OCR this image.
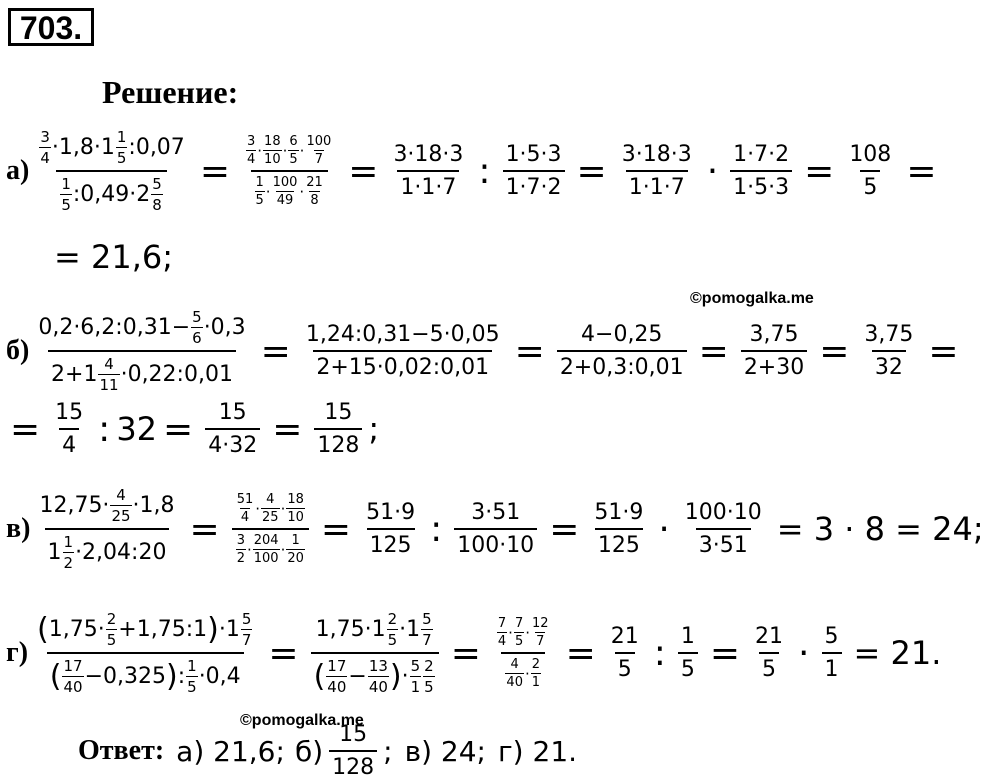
703.
Решение:
$а) \frac{\frac{3}{4} \cdot 1,8\cdot 1 \frac{1}{5} :0,07}{\frac{1}{5} :0,49\cdot 2 \frac{5}{8}} = \frac{\frac{3}{4} \cdot \frac{18}{10} \cdot \frac{6}{5} \cdot \frac{100}{7}}{\frac{1}{5} \cdot \frac{100}{49} \cdot \frac{21}{8}} = \frac{3\cdot 18\cdot 3}{1\cdot 1\cdot 7}$ : $\frac{1\cdot 5\cdot 3}{1\cdot 7\cdot 2} = \frac{3\cdot 18\cdot 3}{1\cdot 1\cdot 7} \cdot \frac{1\cdot 7\cdot 2}{1\cdot 5\cdot 3} = \frac{108}{5}$ =
= 21,6;
©pomogalka.me
$б) \frac{0,2\cdot 6,2:0,31- \frac{5}{6} \cdot 0,3}{2+1 \frac{4}{11} \cdot 0,22:0,01} = \frac{1,24:0,31-5\cdot 0,05}{2+15\cdot 0,02:0,01} = \frac{4-0,25}{2+0,3:0,01} = \frac{3,75}{2+30} = \frac{3,75}{32}$ =
= $\frac{15}{4}$ : $32 = \frac{15}{4\cdot 32} = \frac{15}{128}$ ;
$в) \frac{12,75\cdot \frac{4}{25} \cdot 1,8}{1 \frac{1}{2} \cdot 2,04:20} = \frac{\frac{51}{4} \cdot \frac{4}{25} \cdot \frac{18}{10}}{\frac{3}{2} \cdot \frac{204}{100} \cdot \frac{1}{20}} = \frac{51\cdot 9}{125}$ : $\frac{3\cdot 51}{100\cdot 10} = \frac{51\cdot 9}{125} \cdot \frac{100\cdot 10}{3\cdot 51} = 3 \cdot 8 = 24$;
$г) \frac{( 1,75\cdot \frac{2}{5} +1,75:1 ) \cdot 1 \frac{5}{7}}{( \frac{17}{40} -0,325 ) : \frac{1}{5} \cdot 0,4} = \frac{1,75\cdot 1 \frac{2}{5} \cdot 1 \frac{5}{7}}{( \frac{17}{40} - \frac{13}{40} ) \cdot \frac{5}{1} \frac{2}{5}} = \frac{\frac{7}{4} \cdot \frac{7}{5} \cdot \frac{12}{7}}{\frac{4}{40} \cdot \frac{2}{1}} = \frac{21}{5}$ : $\frac{1}{5} = \frac{21}{5} \cdot \frac{5}{1} = 21$.
©pomogalka.me
Ответ: а) 21,6; $б) \frac{15}{128}$ ; в) 24; г) 21.
